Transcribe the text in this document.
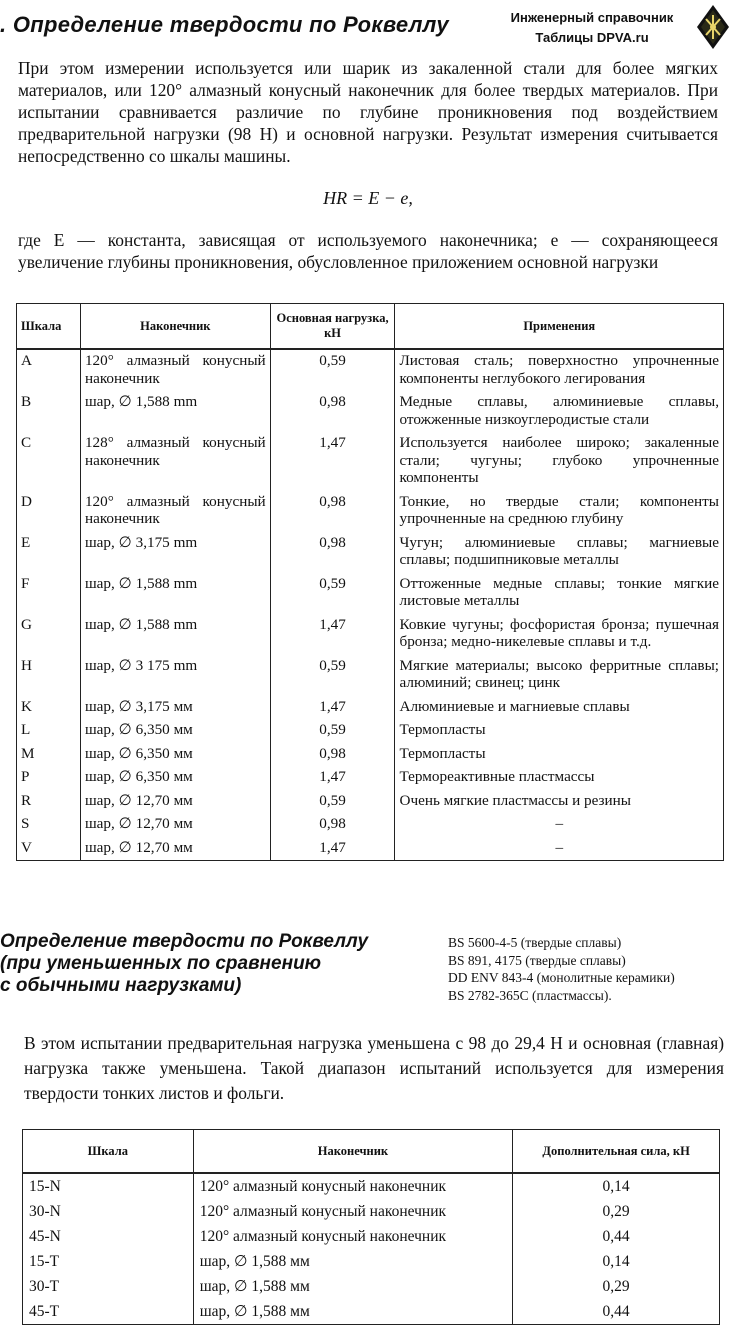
. Определение твердости по Роквеллу	Инженерный справочник
Таблицы DPVA.ru
При этом измерении используется или шарик из закаленной стали для более мягких материалов, или 120° алмазный конусный наконечник для более твердых материалов. При испытании сравнивается различие по глубине проникновения под воздействием предварительной нагрузки (98 Н) и основной нагрузки. Результат измерения считывается непосредственно со шкалы машины.
HR = E − e,
где E — константа, зависящая от используемого наконечника; e — сохраняющееся увеличение глубины проникновения, обусловленное приложением основной нагрузки
Шкала	Наконечник	Основная нагрузка, кН	Применения
A	120° алмазный конусный наконечник	0,59	Листовая сталь; поверхностно упрочненные компоненты неглубокого легирования
B	шар, ∅ 1,588 mm	0,98	Медные сплавы, алюминиевые сплавы, отожженные низкоуглеродистые стали
C	128° алмазный конусный наконечник	1,47	Используется наиболее широко; закаленные стали; чугуны; глубоко упрочненные компоненты
D	120° алмазный конусный наконечник	0,98	Тонкие, но твердые стали; компоненты упрочненные на среднюю глубину
E	шар, ∅ 3,175 mm	0,98	Чугун; алюминиевые сплавы; магниевые сплавы; подшипниковые металлы
F	шар, ∅ 1,588 mm	0,59	Оттоженные медные сплавы; тонкие мягкие листовые металлы
G	шар, ∅ 1,588 mm	1,47	Ковкие чугуны; фосфористая бронза; пушечная бронза; медно-никелевые сплавы и т.д.
H	шар, ∅ 3 175 mm	0,59	Мягкие материалы; высоко ферритные сплавы; алюминий; свинец; цинк
K	шар, ∅ 3,175 мм	1,47	Алюминиевые и магниевые сплавы
L	шар, ∅ 6,350 мм	0,59	Термопласты
M	шар, ∅ 6,350 мм	0,98	Термопласты
P	шар, ∅ 6,350 мм	1,47	Термореактивные пластмассы
R	шар, ∅ 12,70 мм	0,59	Очень мягкие пластмассы и резины
S	шар, ∅ 12,70 мм	0,98	–
V	шар, ∅ 12,70 мм	1,47	–
Определение твердости по Роквеллу
(при уменьшенных по сравнению
с обычными нагрузками)
BS 5600-4-5 (твердые сплавы)
BS 891, 4175 (твердые сплавы)
DD ENV 843-4 (монолитные керамики)
BS 2782-365C (пластмассы).
В этом испытании предварительная нагрузка уменьшена с 98 до 29,4 Н и основная (главная) нагрузка также уменьшена. Такой диапазон испытаний используется для измерения твердости тонких листов и фольги.
Шкала	Наконечник	Дополнительная сила, кН
15-N	120° алмазный конусный наконечник	0,14
30-N	120° алмазный конусный наконечник	0,29
45-N	120° алмазный конусный наконечник	0,44
15-T	шар, ∅ 1,588 мм	0,14
30-T	шар, ∅ 1,588 мм	0,29
45-T	шар, ∅ 1,588 мм	0,44
